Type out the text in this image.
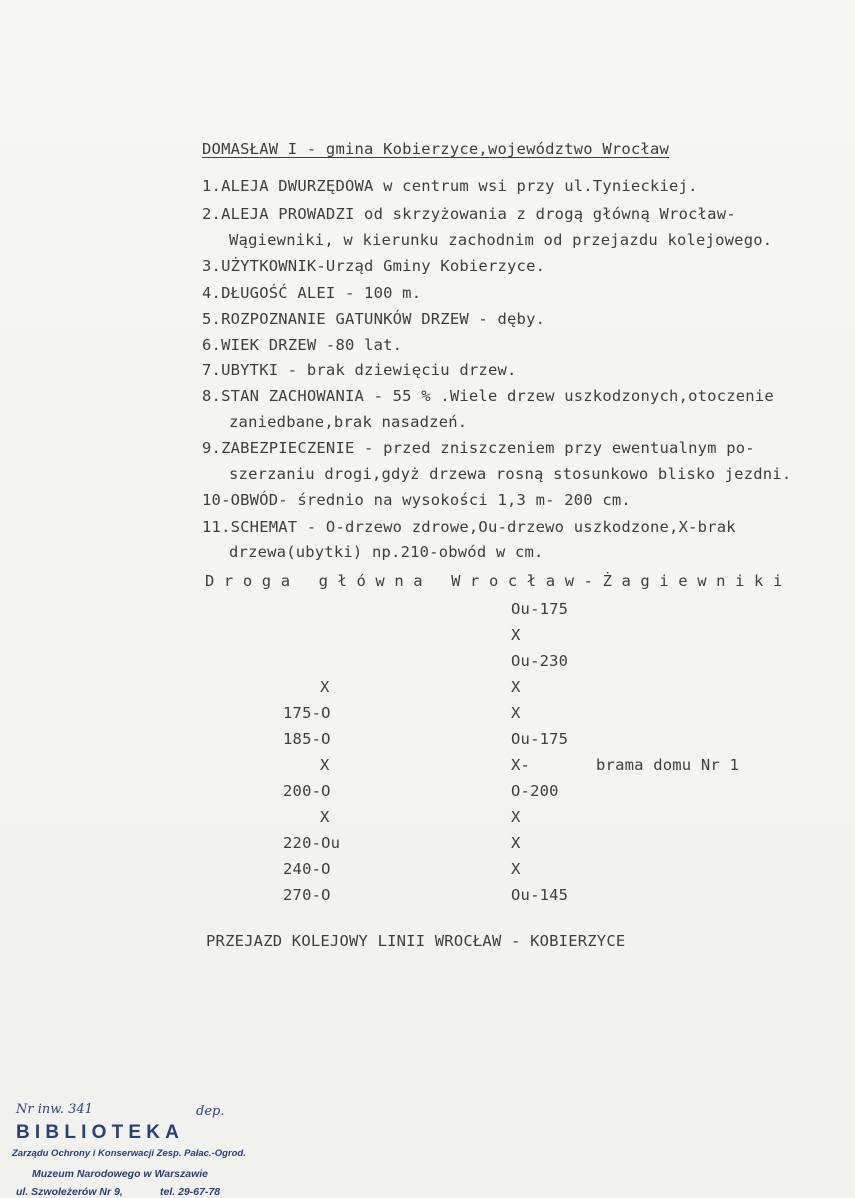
DOMASŁAW I - gmina Kobierzyce,województwo Wrocław
1.ALEJA DWURZĘDOWA w centrum wsi przy ul.Tynieckiej.
2.ALEJA PROWADZI od skrzyżowania z drogą główną Wrocław-
Wągiewniki, w kierunku zachodnim od przejazdu kolejowego.
3.UŻYTKOWNIK-Urząd Gminy Kobierzyce.
4.DŁUGOŚĆ ALEI - 100 m.
5.ROZPOZNANIE GATUNKÓW DRZEW - dęby.
6.WIEK DRZEW -80 lat.
7.UBYTKI - brak dziewięciu drzew.
8.STAN ZACHOWANIA - 55 % .Wiele drzew uszkodzonych,otoczenie
zaniedbane,brak nasadzeń.
9.ZABEZPIECZENIE - przed zniszczeniem przy ewentualnym po-
szerzaniu drogi,gdyż drzewa rosną stosunkowo blisko jezdni.
10-OBWÓD- średnio na wysokości 1,3 m- 200 cm.
11.SCHEMAT - O-drzewo zdrowe,Ou-drzewo uszkodzone,X-brak
drzewa(ubytki) np.210-obwód w cm.
Droga główna Wrocław-Żagiewniki
Ou-175
X
Ou-230
X
X
Ou-175
X-
O-200
X
X
X
Ou-145
X
175-O
185-O
X
200-O
X
220-Ou
240-O
270-O
brama domu Nr 1
PRZEJAZD KOLEJOWY LINII WROCŁAW - KOBIERZYCE
Nr inw. 341	dep.
BIBLIOTEKA
Zarządu Ochrony i Konserwacji Zesp. Pałac.-Ogrod.
Muzeum Narodowego w Warszawie
ul. Szwoleżerów Nr 9,	tel. 29-67-78
